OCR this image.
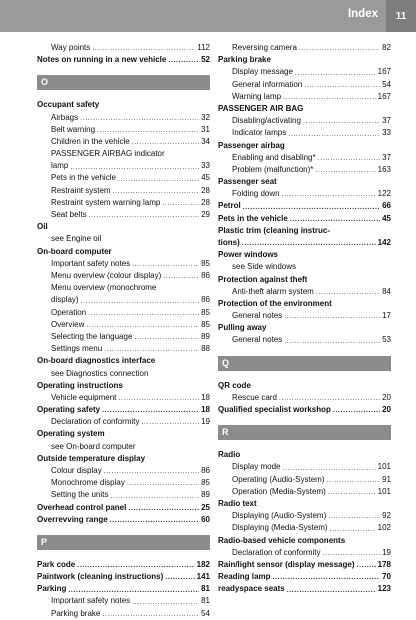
Index	11
Way points .....	112
Notes on running in a new vehicle .....	52
O
Occupant safety
Airbags .....	32
Belt warning .....	31
Children in the vehicle .....	34
PASSENGER AIRBAG indicator
lamp .....	33
Pets in the vehicle .....	45
Restraint system .....	28
Restraint system warning lamp .....	28
Seat belts .....	29
Oil
see Engine oil
On-board computer
Important safety notes .....	85
Menu overview (colour display) .....	86
Menu overview (monochrome
display) .....	86
Operation .....	85
Overview .....	85
Selecting the language .....	89
Settings menu .....	88
On-board diagnostics interface
see Diagnostics connection
Operating instructions
Vehicle equipment .....	18
Operating safety .....	18
Declaration of conformity .....	19
Operating system
see On-board computer
Outside temperature display
Colour display .....	86
Monochrome display .....	85
Setting the units .....	89
Overhead control panel .....	25
Overrevving range .....	60
P
Park code .....	182
Paintwork (cleaning instructions) .....	141
Parking .....	81
Important safety notes .....	81
Parking brake .....	54
Reversing camera .....	82
Parking brake
Display message .....	167
General information .....	54
Warning lamp .....	167
PASSENGER AIR BAG
Disabling/activating .....	37
Indicator lamps .....	33
Passenger airbag
Enabling and disabling* .....	37
Problem (malfunction)* .....	163
Passenger seat
Folding down .....	122
Petrol .....	66
Pets in the vehicle .....	45
Plastic trim (cleaning instruc-
tions) .....	142
Power windows
see Side windows
Protection against theft
Anti-theft alarm system .....	84
Protection of the environment
General notes .....	17
Pulling away
General notes .....	53
Q
QR code
Rescue card .....	20
Qualified specialist workshop .....	20
R
Radio
Display mode .....	101
Operating (Audio-System) .....	91
Operation (Media-System) .....	101
Radio text
Displaying (Audio-System) .....	92
Displaying (Media-System) .....	102
Radio-based vehicle components
Declaration of conformity .....	19
Rain/light sensor (display message) .....	178
Reading lamp .....	70
readyspace seats .....	123
